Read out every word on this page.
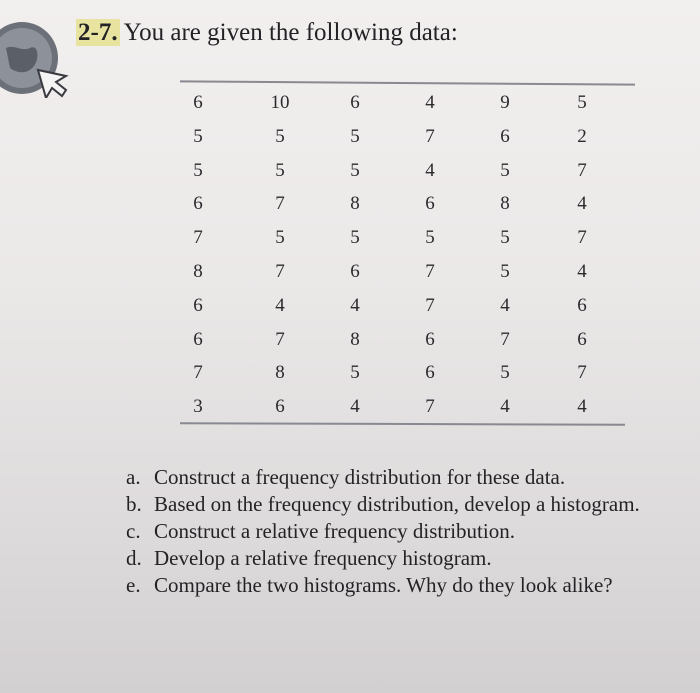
2-7. You are given the following data:
6	10	6	4	9	5
5	5	5	7	6	2
5	5	5	4	5	7
6	7	8	6	8	4
7	5	5	5	5	7
8	7	6	7	5	4
6	4	4	7	4	6
6	7	8	6	7	6
7	8	5	6	5	7
3	6	4	7	4	4
a. Construct a frequency distribution for these data.
b. Based on the frequency distribution, develop a histogram.
c. Construct a relative frequency distribution.
d. Develop a relative frequency histogram.
e. Compare the two histograms. Why do they look alike?
